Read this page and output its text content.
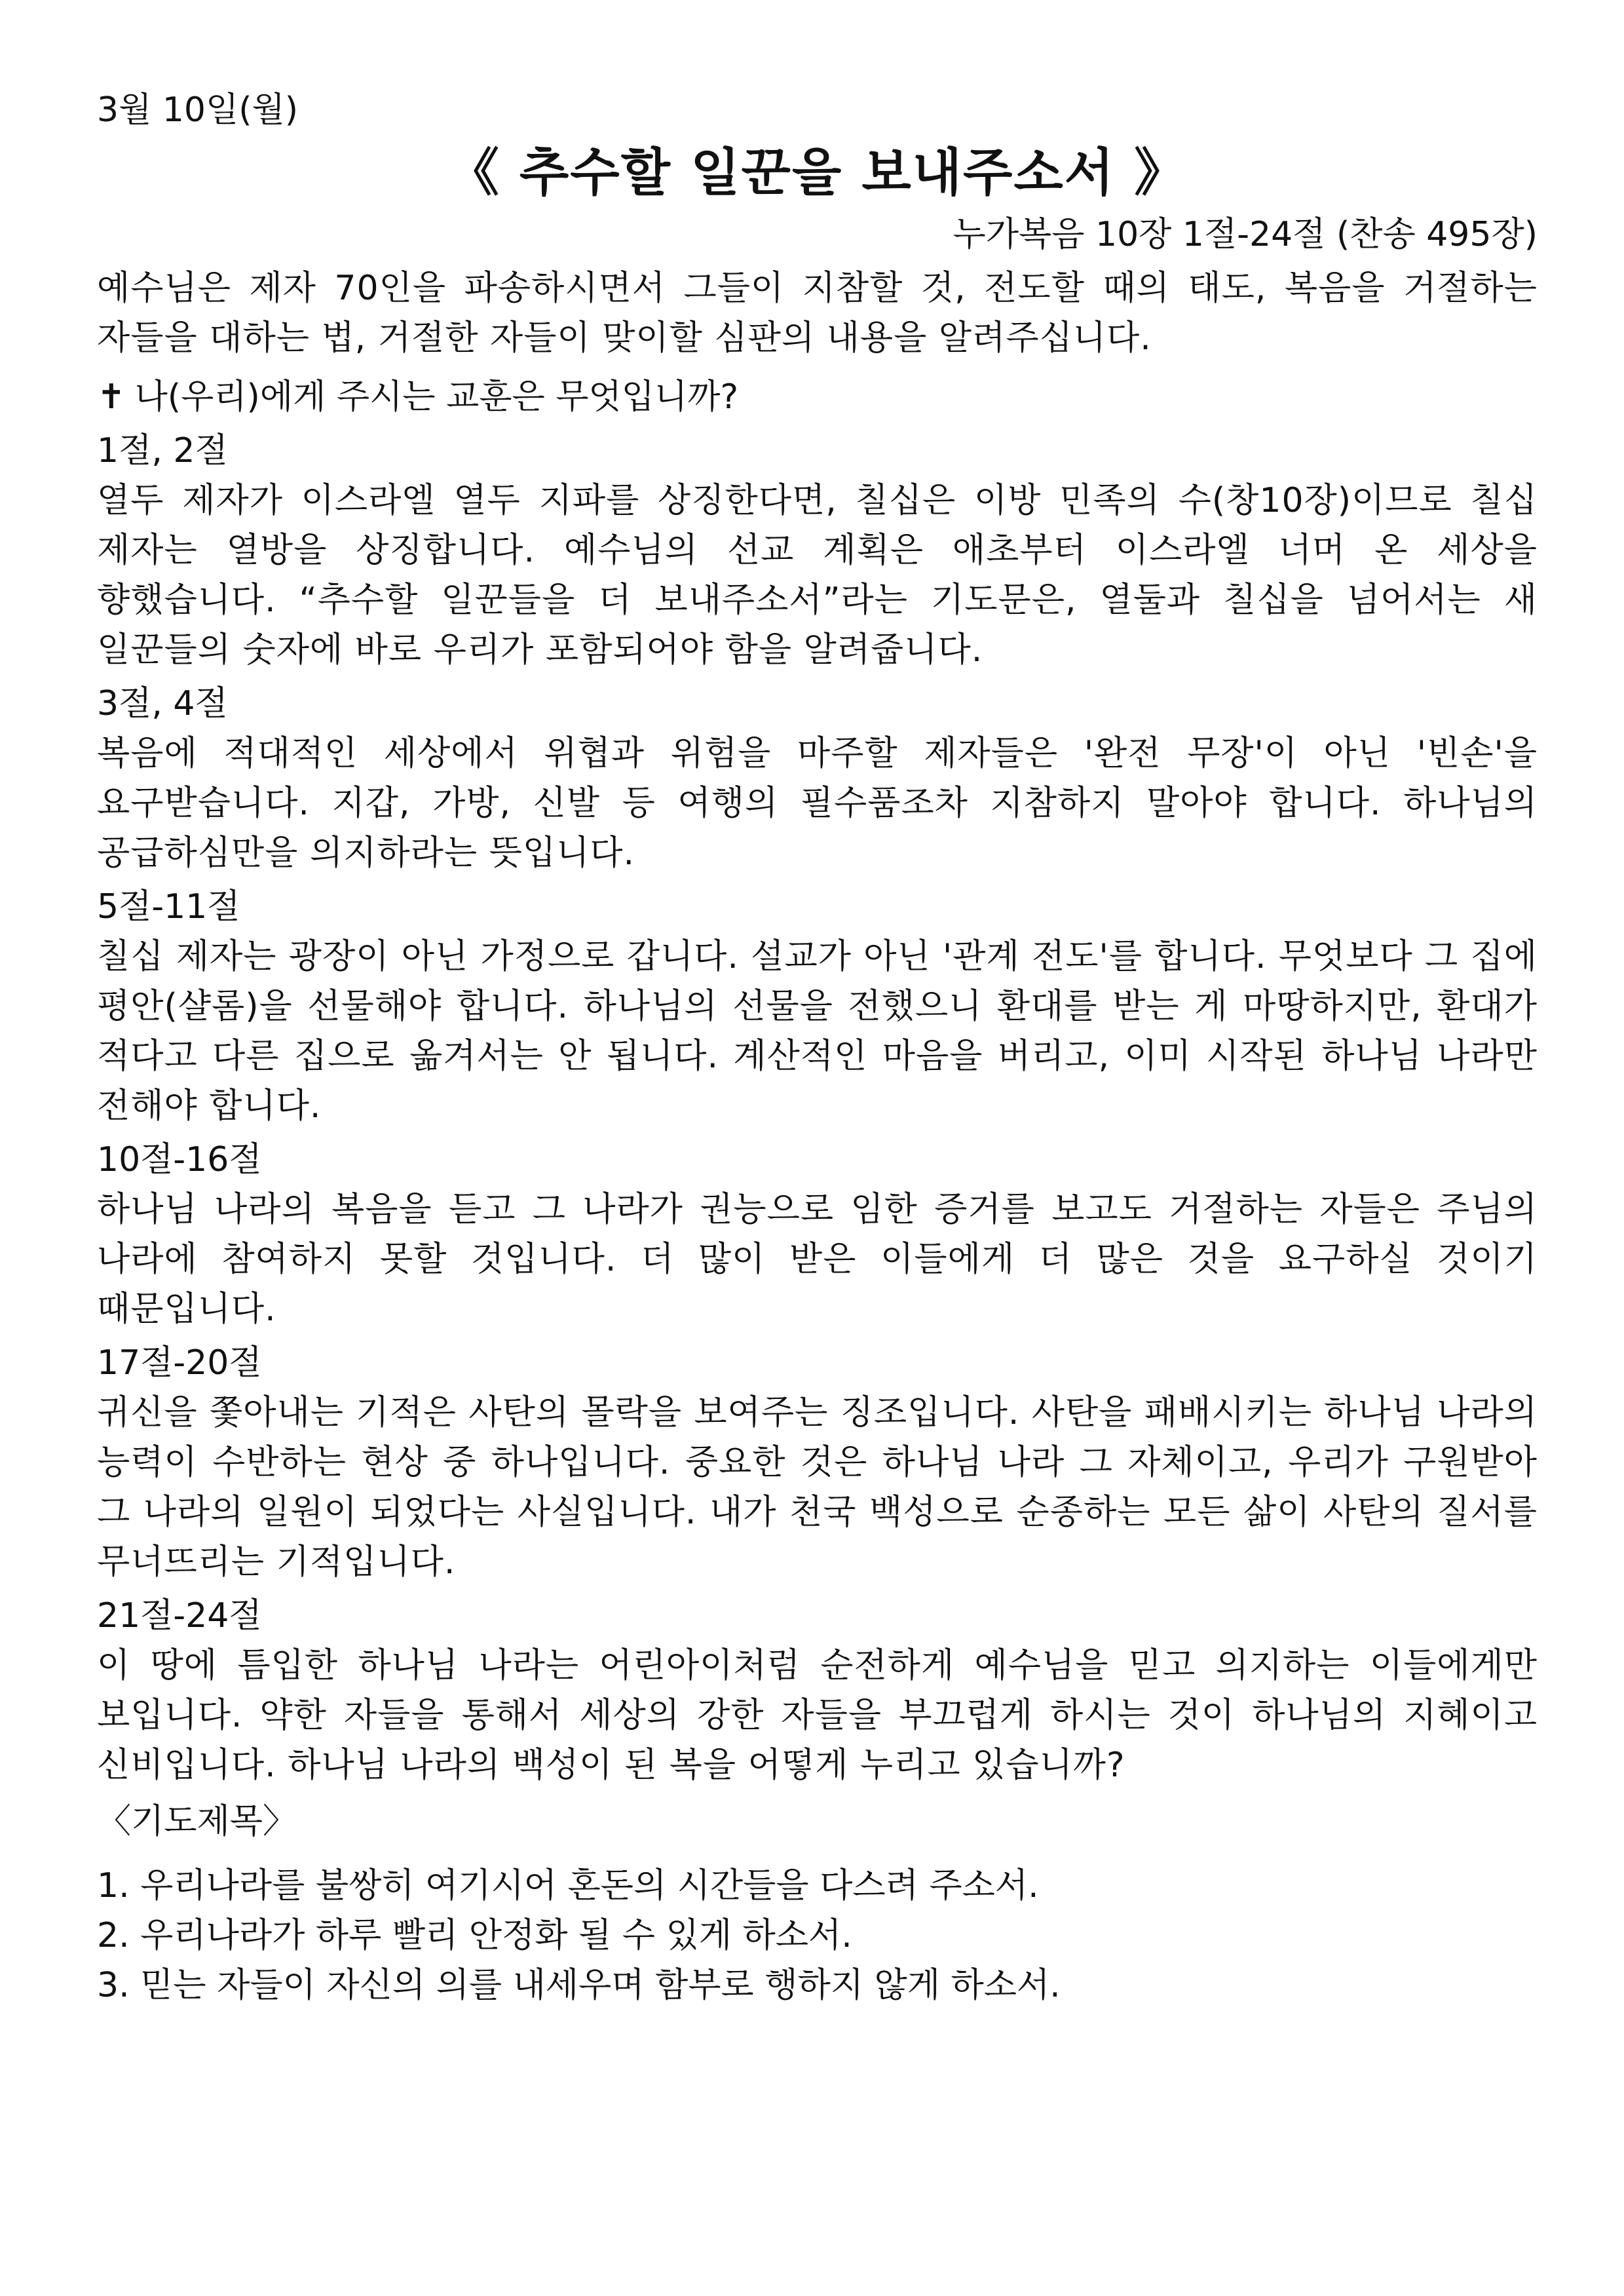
3월 10일(월)
《 추수할 일꾼을 보내주소서 》
누가복음 10장 1절-24절 (찬송 495장)

예수님은 제자 70인을 파송하시면서 그들이 지참할 것, 전도할 때의 태도, 복음을 거절하는 자들을 대하는 법, 거절한 자들이 맞이할 심판의 내용을 알려주십니다.

✝ 나(우리)에게 주시는 교훈은 무엇입니까?
1절, 2절

열두 제자가 이스라엘 열두 지파를 상징한다면, 칠십은 이방 민족의 수(창10장)이므로 칠십 제자는 열방을 상징합니다. 예수님의 선교 계획은 애초부터 이스라엘 너머 온 세상을 향했습니다. “추수할 일꾼들을 더 보내주소서”라는 기도문은, 열둘과 칠십을 넘어서는 새 일꾼들의 숫자에 바로 우리가 포함되어야 함을 알려줍니다.

3절, 4절

복음에 적대적인 세상에서 위협과 위험을 마주할 제자들은 '완전 무장'이 아닌 '빈손'을 요구받습니다. 지갑, 가방, 신발 등 여행의 필수품조차 지참하지 말아야 합니다. 하나님의 공급하심만을 의지하라는 뜻입니다.

5절-11절

칠십 제자는 광장이 아닌 가정으로 갑니다. 설교가 아닌 '관계 전도'를 합니다. 무엇보다 그 집에 평안(샬롬)을 선물해야 합니다. 하나님의 선물을 전했으니 환대를 받는 게 마땅하지만, 환대가 적다고 다른 집으로 옮겨서는 안 됩니다. 계산적인 마음을 버리고, 이미 시작된 하나님 나라만 전해야 합니다.

10절-16절

하나님 나라의 복음을 듣고 그 나라가 권능으로 임한 증거를 보고도 거절하는 자들은 주님의 나라에 참여하지 못할 것입니다. 더 많이 받은 이들에게 더 많은 것을 요구하실 것이기 때문입니다.

17절-20절

귀신을 쫓아내는 기적은 사탄의 몰락을 보여주는 징조입니다. 사탄을 패배시키는 하나님 나라의 능력이 수반하는 현상 중 하나입니다. 중요한 것은 하나님 나라 그 자체이고, 우리가 구원받아 그 나라의 일원이 되었다는 사실입니다. 내가 천국 백성으로 순종하는 모든 삶이 사탄의 질서를 무너뜨리는 기적입니다.

21절-24절

이 땅에 틈입한 하나님 나라는 어린아이처럼 순전하게 예수님을 믿고 의지하는 이들에게만 보입니다. 약한 자들을 통해서 세상의 강한 자들을 부끄럽게 하시는 것이 하나님의 지혜이고 신비입니다. 하나님 나라의 백성이 된 복을 어떻게 누리고 있습니까?

〈기도제목〉
1. 우리나라를 불쌍히 여기시어 혼돈의 시간들을 다스려 주소서.
2. 우리나라가 하루 빨리 안정화 될 수 있게 하소서.
3. 믿는 자들이 자신의 의를 내세우며 함부로 행하지 않게 하소서.
